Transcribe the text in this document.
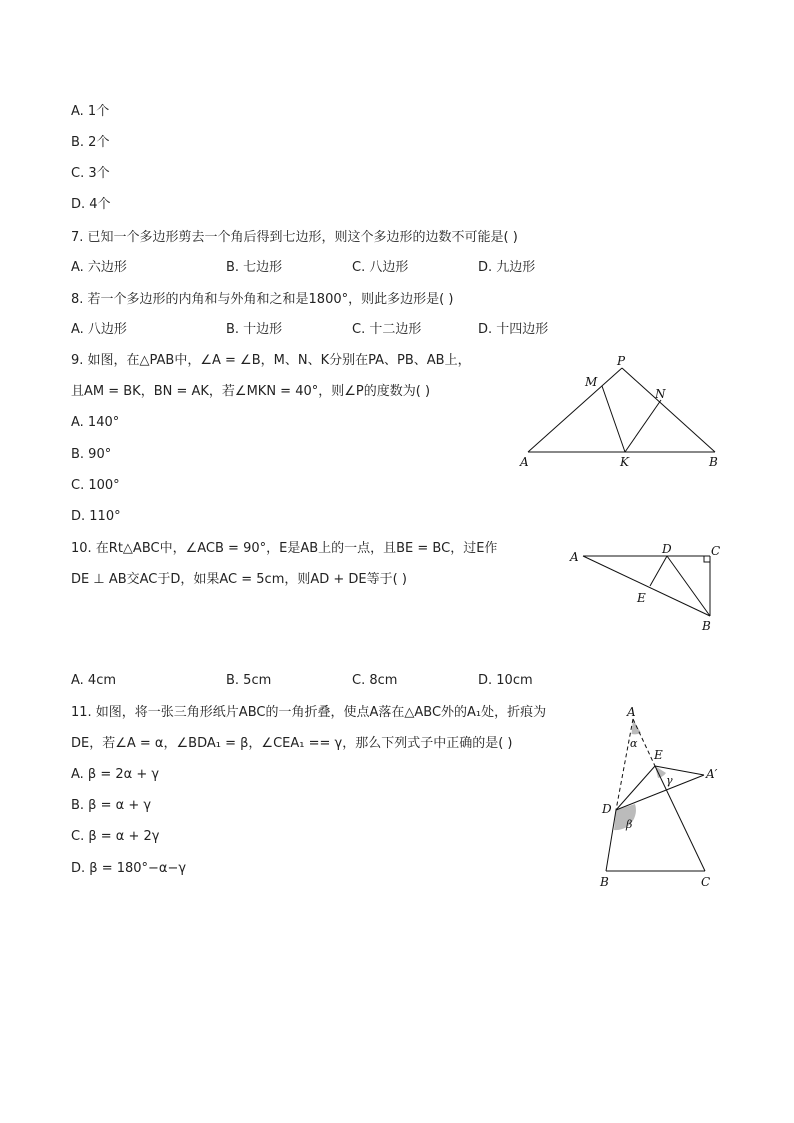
A. 1个
B. 2个
C. 3个
D. 4个
7. 已知一个多边形剪去一个角后得到七边形，则这个多边形的边数不可能是( )
A. 六边形	B. 七边形	C. 八边形	D. 九边形
8. 若一个多边形的内角和与外角和之和是1800°，则此多边形是( )
A. 八边形	B. 十边形	C. 十二边形	D. 十四边形
9. 如图，在△PAB中，∠A = ∠B，M、N、K分别在PA、PB、AB上，
且AM = BK，BN = AK，若∠MKN = 40°，则∠P的度数为( )
A. 140°
B. 90°
C. 100°
D. 110°
P
M
N
A	K	B
10. 在Rt△ABC中，∠ACB = 90°，E是AB上的一点，且BE = BC，过E作
DE ⊥ AB交AC于D，如果AC = 5cm，则AD + DE等于( )
A
D	C
E
B
A. 4cm	B. 5cm	C. 8cm	D. 10cm
11. 如图，将一张三角形纸片ABC的一角折叠，使点A落在△ABC外的A₁处，折痕为
DE，若∠A = α，∠BDA₁ = β，∠CEA₁ == γ，那么下列式子中正确的是( )
A. β = 2α + γ
B. β = α + γ
C. β = α + 2γ
D. β = 180°−α−γ
A
α
E
γ	A′
D
β
B	C
